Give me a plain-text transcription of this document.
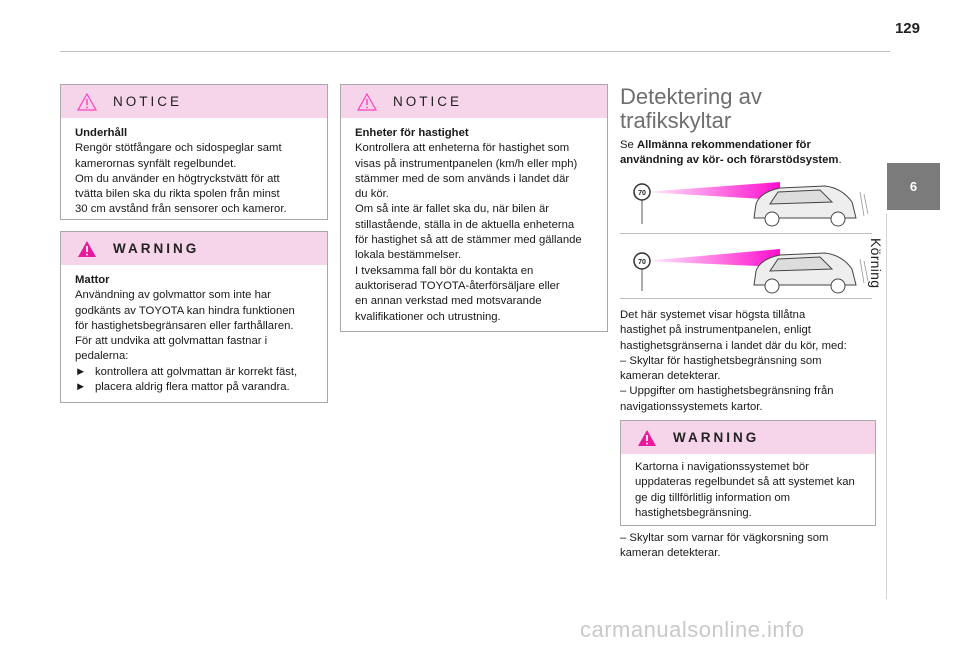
129
NOTICE

Underhåll

Rengör stötfångare och sidospeglar samt

kamerornas synfält regelbundet.

Om du använder en högtryckstvätt för att

tvätta bilen ska du rikta spolen från minst

30 cm avstånd från sensorer och kameror.

WARNING

Mattor

Användning av golvmattor som inte har

godkänts av TOYOTA kan hindra funktionen

för hastighetsbegränsaren eller farthållaren.

För att undvika att golvmattan fastnar i

pedalerna:

► kontrollera att golvmattan är korrekt fäst,
► placera aldrig flera mattor på varandra.
NOTICE

Enheter för hastighet

Kontrollera att enheterna för hastighet som

visas på instrumentpanelen (km/h eller mph)

stämmer med de som används i landet där

du kör.

Om så inte är fallet ska du, när bilen är

stillastående, ställa in de aktuella enheterna

för hastighet så att de stämmer med gällande

lokala bestämmelser.

I tveksamma fall bör du kontakta en

auktoriserad TOYOTA-återförsäljare eller

en annan verkstad med motsvarande

kvalifikationer och utrustning.

Detektering av
trafikskyltar

Se Allmänna rekommendationer för

användning av kör- och förarstödsystem.

70
70

Det här systemet visar högsta tillåtna

hastighet på instrumentpanelen, enligt

hastighetsgränserna i landet där du kör, med:

– Skyltar för hastighetsbegränsning som

kameran detekterar.

– Uppgifter om hastighetsbegränsning från

navigationssystemets kartor.

WARNING

Kartorna i navigationssystemet bör

uppdateras regelbundet så att systemet kan

ge dig tillförlitlig information om

hastighetsbegränsning.

– Skyltar som varnar för vägkorsning som

kameran detekterar.

6
Körning
carmanualsonline.info
